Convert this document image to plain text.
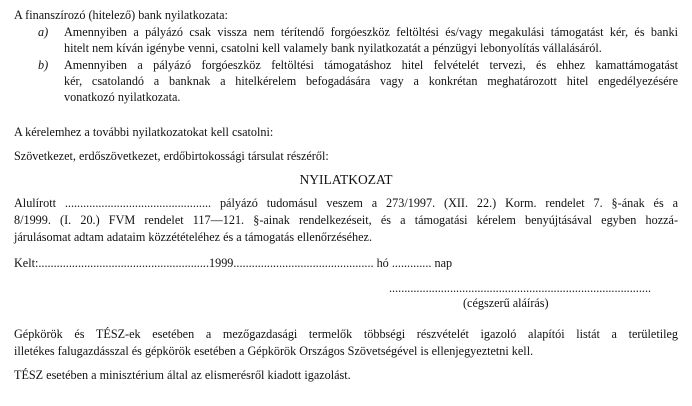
A finanszírozó (hitelező) bank nyilatkozata:
a) Amennyiben a pályázó csak vissza nem térítendő forgóeszköz feltöltési és/vagy megakulási támogatást kér, és banki
hitelt nem kíván igénybe venni, csatolni kell valamely bank nyilatkozatát a pénzügyi lebonyolítás vállalásáról.
b) Amennyiben a pályázó forgóeszköz feltöltési támogatáshoz hitel felvételét tervezi, és ehhez kamattámogatást
kér, csatolandó a banknak a hitelkérelem befogadására vagy a konkrétan meghatározott hitel engedélyezésére
vonatkozó nyilatkozata.
A kérelemhez a további nyilatkozatokat kell csatolni:
Szövetkezet, erdőszövetkezet, erdőbirtokossági társulat részéről:
NYILATKOZAT
Alulírott ................................................ pályázó tudomásul veszem a 273/1997. (XII. 22.) Korm. rendelet 7. §-ának és a
8/1999. (I. 20.) FVM rendelet 117—121. §-ainak rendelkezéseit, és a támogatási kérelem benyújtásával egyben hozzá-
járulásomat adtam adataim közzétételéhez és a támogatás ellenőrzéséhez.
Kelt:........................................................1999.............................................. hó ............. nap
......................................................................................
(cégszerű aláírás)
Gépkörök és TÉSZ-ek esetében a mezőgazdasági termelők többségi részvételét igazoló alapítói listát a területileg
illetékes falugazdásszal és gépkörök esetében a Gépkörök Országos Szövetségével is ellenjegyeztetni kell.
TÉSZ esetében a minisztérium által az elismerésről kiadott igazolást.
